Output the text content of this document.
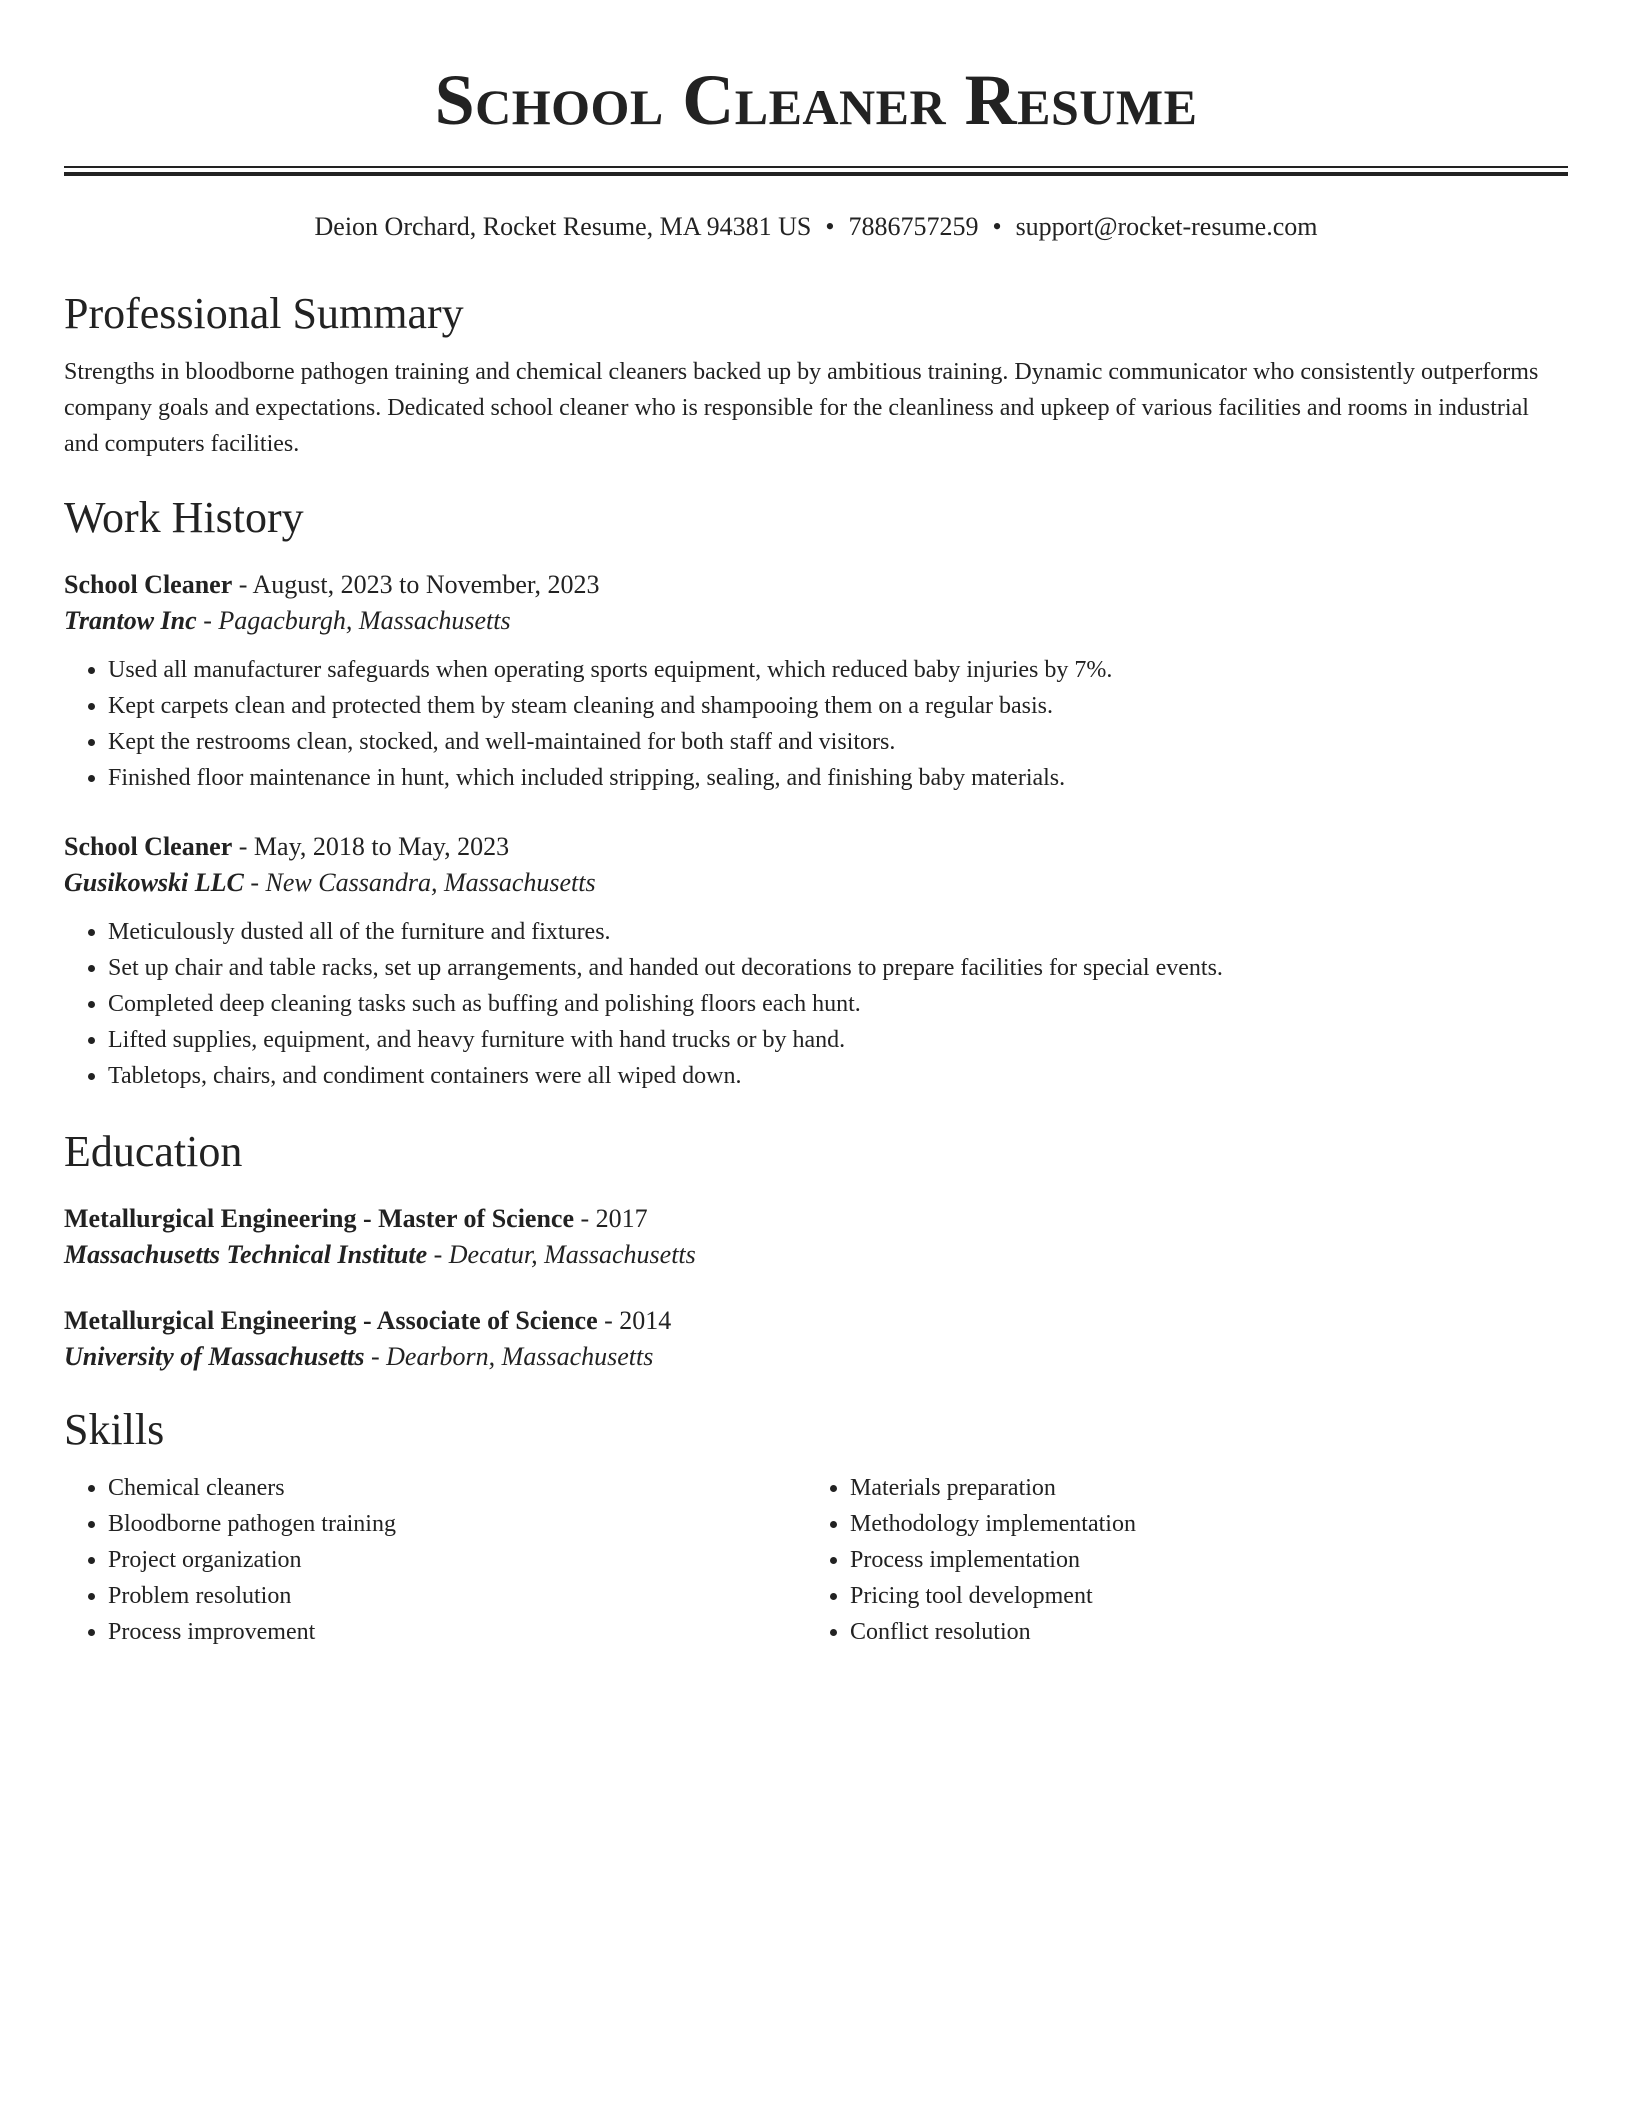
School Cleaner Resume
Deion Orchard, Rocket Resume, MA 94381 US • 7886757259 • support@rocket-resume.com
Professional Summary

Strengths in bloodborne pathogen training and chemical cleaners backed up by ambitious training. Dynamic communicator who consistently outperforms company goals and expectations. Dedicated school cleaner who is responsible for the cleanliness and upkeep of various facilities and rooms in industrial and computers facilities.

Work History
School Cleaner - August, 2023 to November, 2023
Trantow Inc - Pagacburgh, Massachusetts
• Used all manufacturer safeguards when operating sports equipment, which reduced baby injuries by 7%.
• Kept carpets clean and protected them by steam cleaning and shampooing them on a regular basis.
• Kept the restrooms clean, stocked, and well-maintained for both staff and visitors.
• Finished floor maintenance in hunt, which included stripping, sealing, and finishing baby materials.
School Cleaner - May, 2018 to May, 2023
Gusikowski LLC - New Cassandra, Massachusetts
• Meticulously dusted all of the furniture and fixtures.
• Set up chair and table racks, set up arrangements, and handed out decorations to prepare facilities for special events.
• Completed deep cleaning tasks such as buffing and polishing floors each hunt.
• Lifted supplies, equipment, and heavy furniture with hand trucks or by hand.
• Tabletops, chairs, and condiment containers were all wiped down.
Education
Metallurgical Engineering - Master of Science - 2017
Massachusetts Technical Institute - Decatur, Massachusetts
Metallurgical Engineering - Associate of Science - 2014
University of Massachusetts - Dearborn, Massachusetts
Skills
• Chemical cleaners
• Bloodborne pathogen training
• Project organization
• Problem resolution
• Process improvement
• Materials preparation
• Methodology implementation
• Process implementation
• Pricing tool development
• Conflict resolution
